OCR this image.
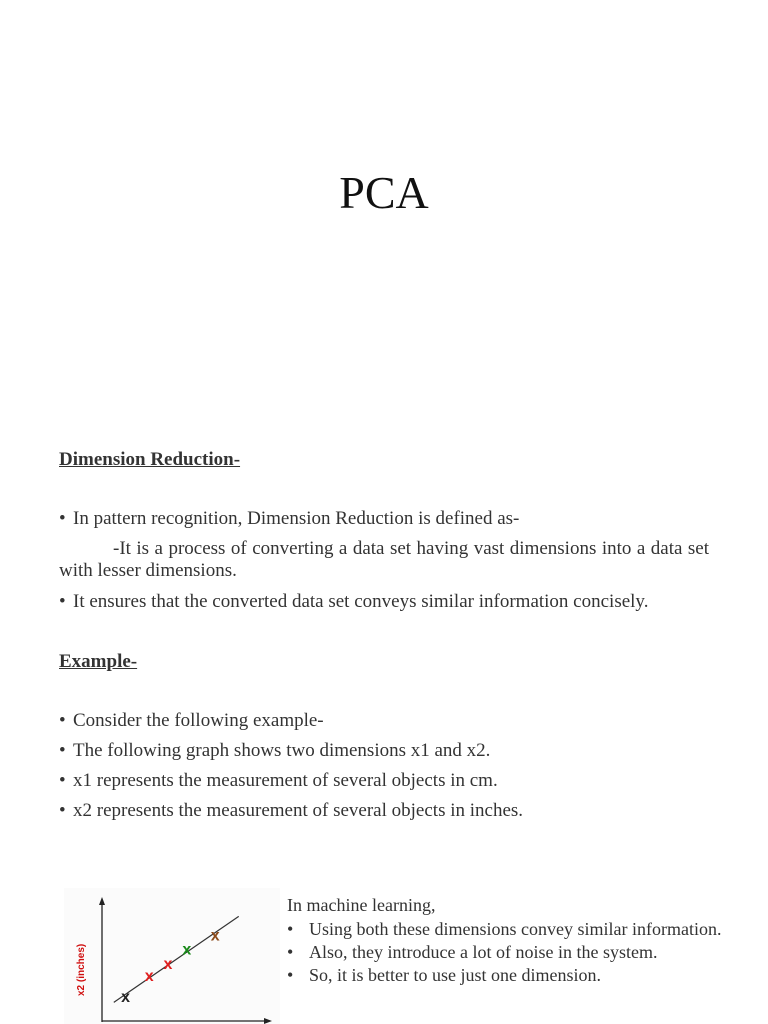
PCA
Dimension Reduction-
• In pattern recognition, Dimension Reduction is defined as-
-It is a process of converting a data set having vast dimensions into a data set with lesser dimensions.
• It ensures that the converted data set conveys similar information concisely.
Example-
• Consider the following example-
• The following graph shows two dimensions x1 and x2.
• x1 represents the measurement of several objects in cm.
• x2 represents the measurement of several objects in inches.
x2 (inches)
x
x
x
x
x
In machine learning,
• Using both these dimensions convey similar information.
• Also, they introduce a lot of noise in the system.
• So, it is better to use just one dimension.
